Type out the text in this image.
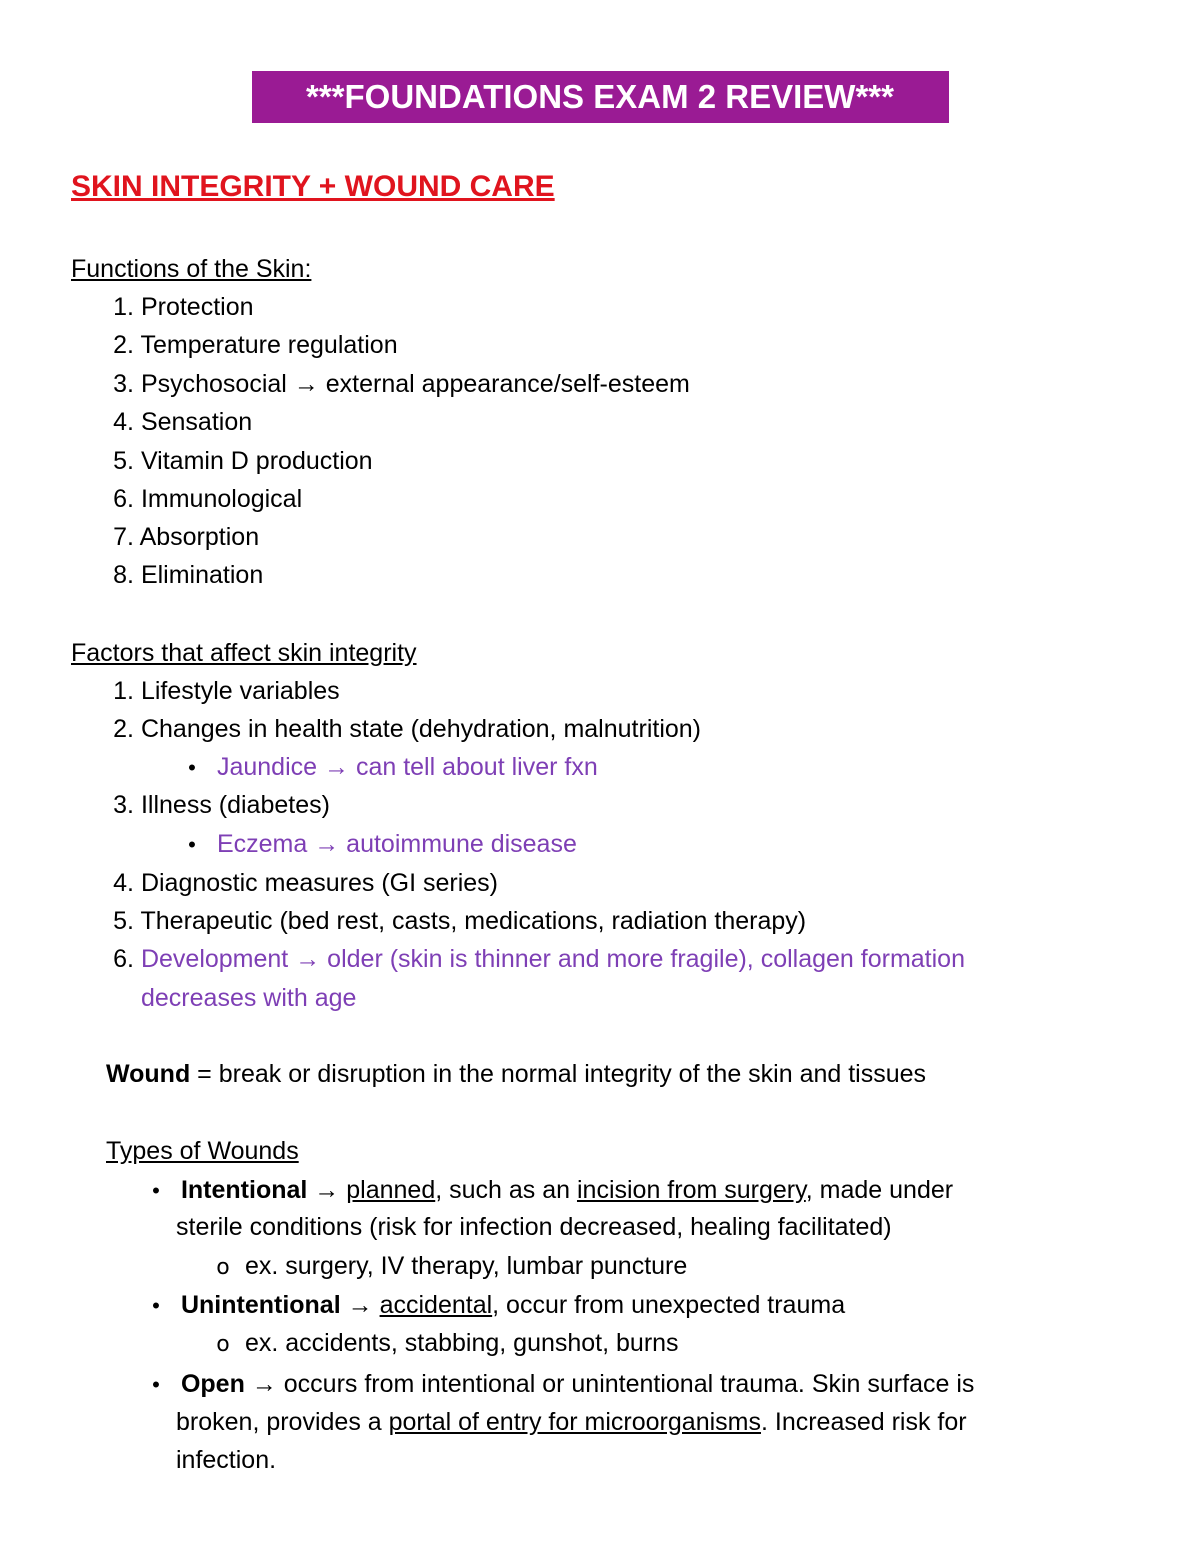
***FOUNDATIONS EXAM 2 REVIEW***
SKIN INTEGRITY + WOUND CARE
Functions of the Skin:
1. Protection
2. Temperature regulation
3. Psychosocial → external appearance/self-esteem
4. Sensation
5. Vitamin D production
6. Immunological
7. Absorption
8. Elimination
Factors that affect skin integrity
1. Lifestyle variables
2. Changes in health state (dehydration, malnutrition)
• Jaundice → can tell about liver fxn
3. Illness (diabetes)
• Eczema → autoimmune disease
4. Diagnostic measures (GI series)
5. Therapeutic (bed rest, casts, medications, radiation therapy)
6. Development → older (skin is thinner and more fragile), collagen formation
decreases with age
Wound = break or disruption in the normal integrity of the skin and tissues
Types of Wounds
• Intentional → planned, such as an incision from surgery, made under
sterile conditions (risk for infection decreased, healing facilitated)
o ex. surgery, IV therapy, lumbar puncture
• Unintentional → accidental, occur from unexpected trauma
o ex. accidents, stabbing, gunshot, burns
• Open → occurs from intentional or unintentional trauma. Skin surface is
broken, provides a portal of entry for microorganisms. Increased risk for
infection.
